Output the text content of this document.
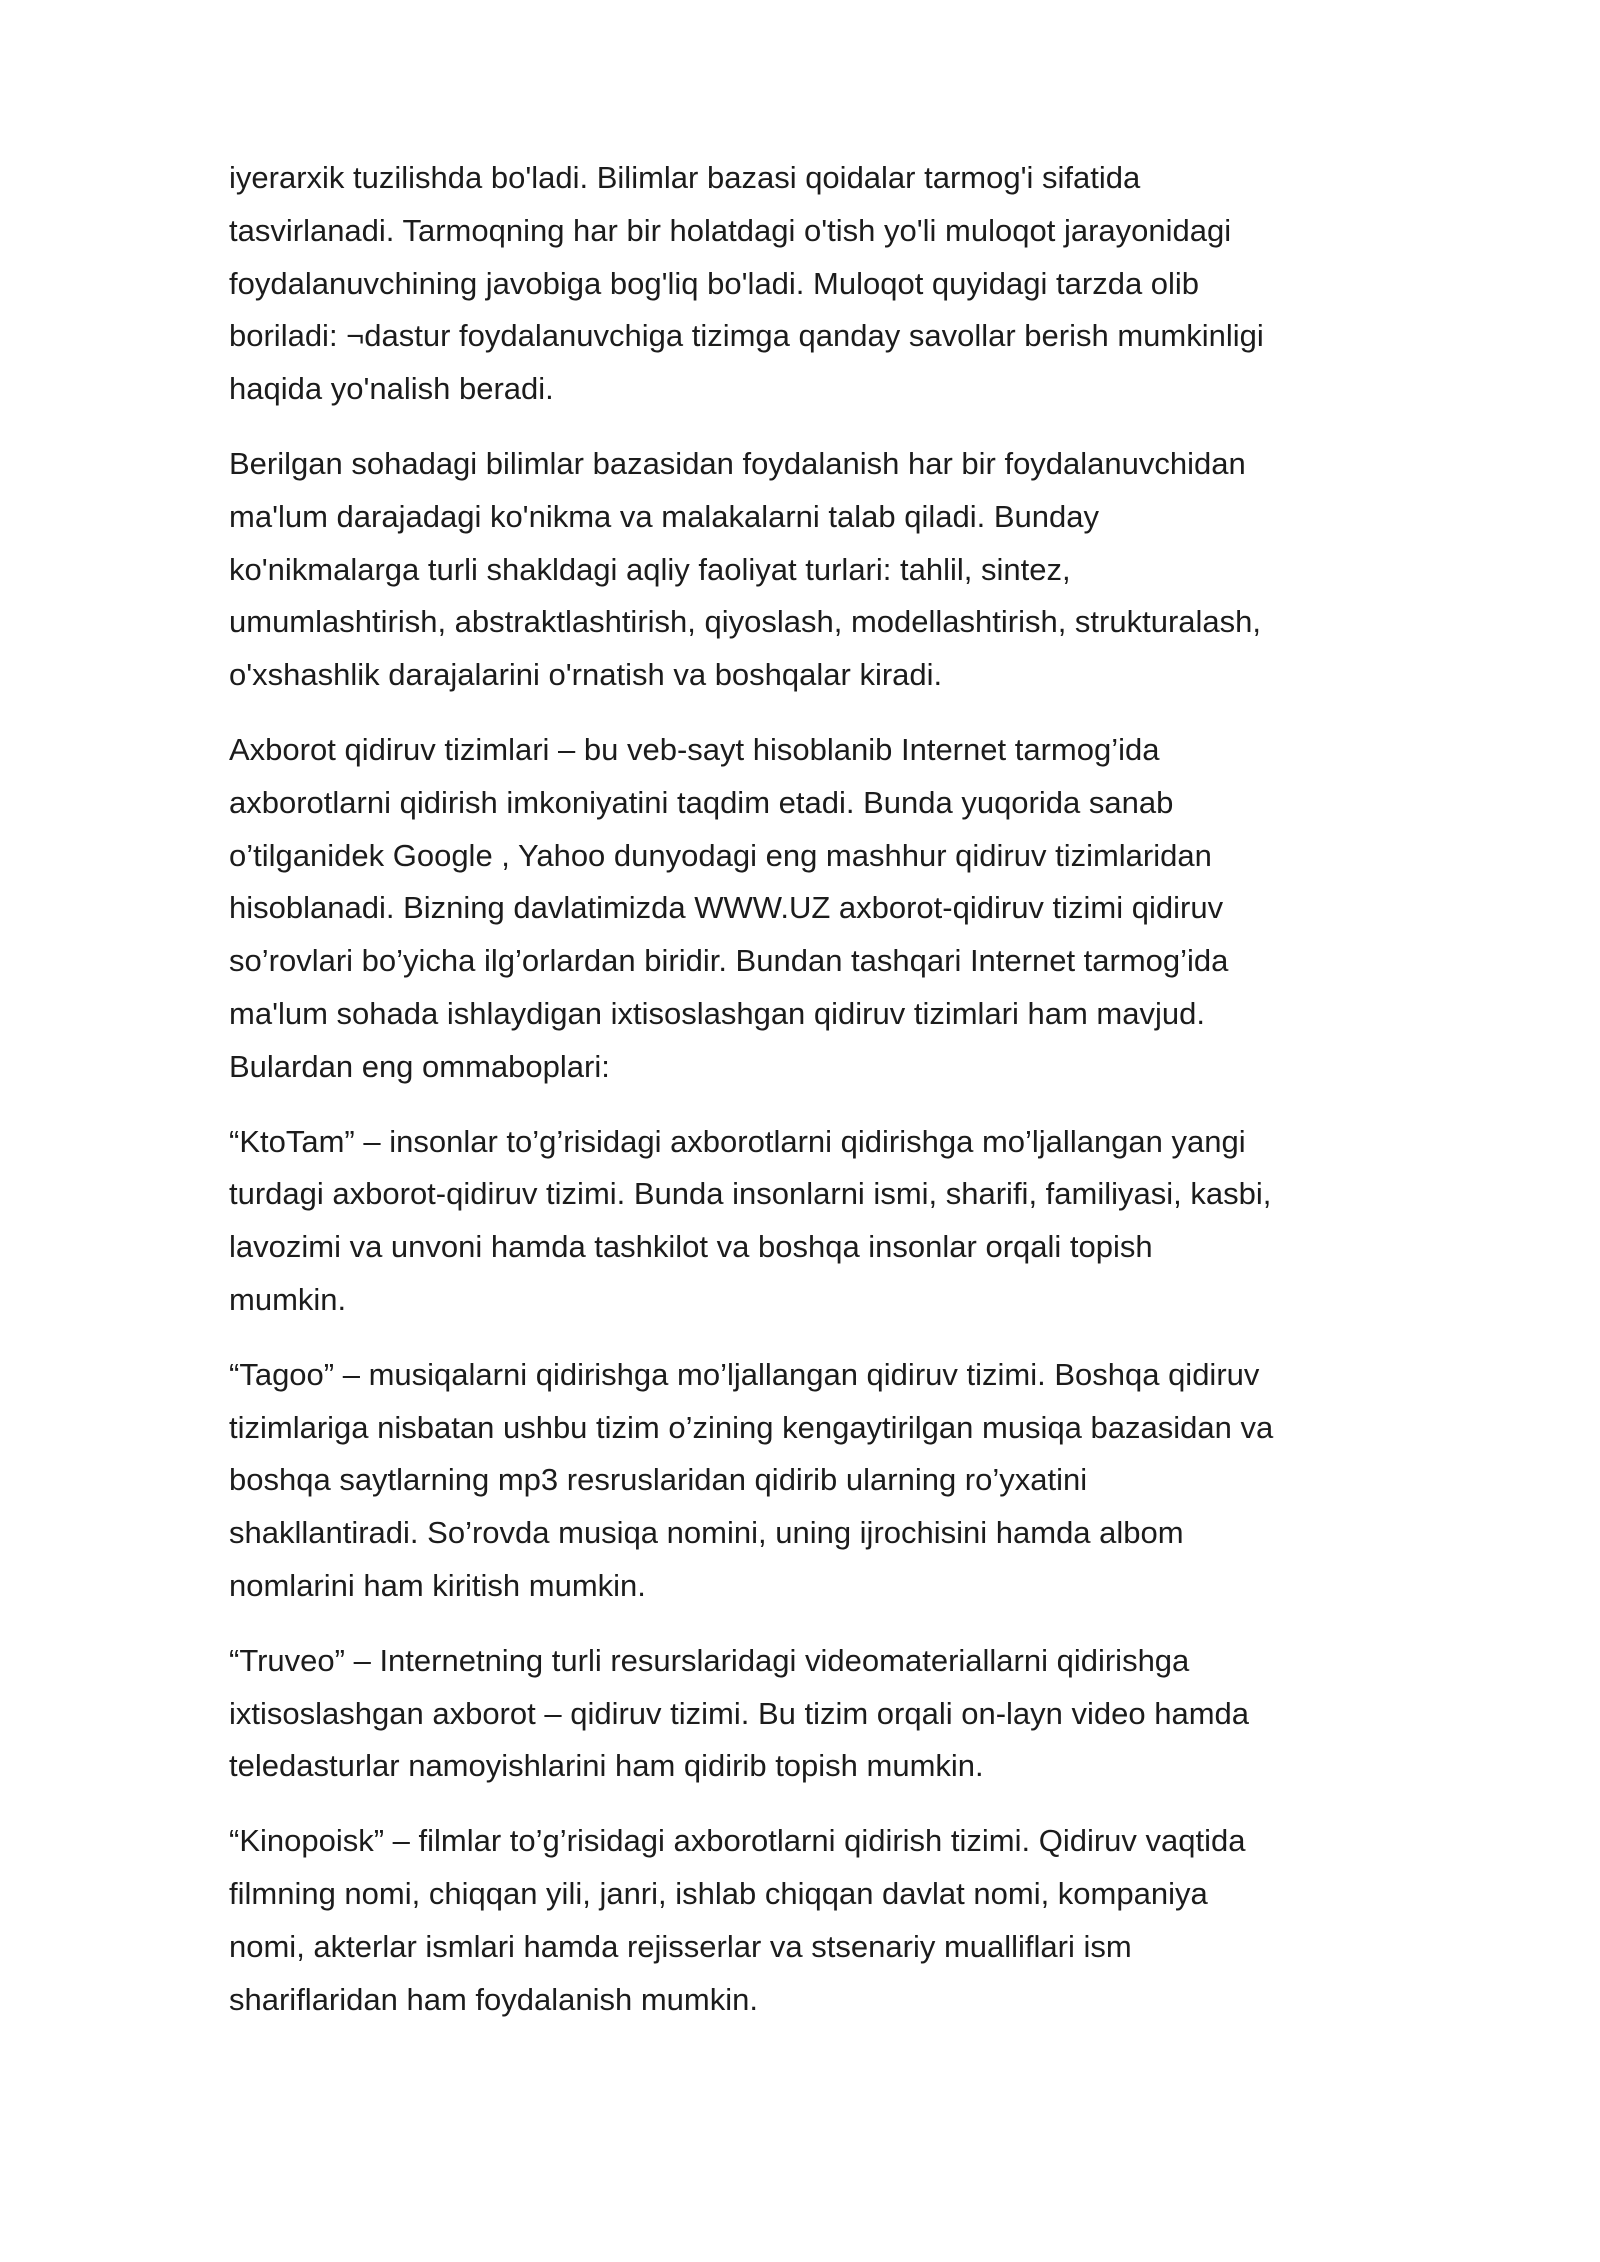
iyerarxik tuzilishda bo'ladi. Bilimlar bazasi qoidalar tarmog'i sifatida
tasvirlanadi. Tarmoqning har bir holatdagi o'tish yo'li muloqot jarayonidagi
foydalanuvchining javobiga bog'liq bo'ladi. Muloqot quyidagi tarzda olib
boriladi: ¬dastur foydalanuvchiga tizimga qanday savollar berish mumkinligi
haqida yo'nalish beradi.
Berilgan sohadagi bilimlar bazasidan foydalanish har bir foydalanuvchidan
ma'lum darajadagi ko'nikma va malakalarni talab qiladi. Bunday
ko'nikmalarga turli shakldagi aqliy faoliyat turlari: tahlil, sintez,
umumlashtirish, abstraktlashtirish, qiyoslash, modellashtirish, strukturalash,
o'xshashlik darajalarini o'rnatish va boshqalar kiradi.
Axborot qidiruv tizimlari – bu veb-sayt hisoblanib Internet tarmog’ida
axborotlarni qidirish imkoniyatini taqdim etadi. Bunda yuqorida sanab
o’tilganidek Google , Yahoo dunyodagi eng mashhur qidiruv tizimlaridan
hisoblanadi. Bizning davlatimizda WWW.UZ axborot-qidiruv tizimi qidiruv
so’rovlari bo’yicha ilg’orlardan biridir. Bundan tashqari Internet tarmog’ida
ma'lum sohada ishlaydigan ixtisoslashgan qidiruv tizimlari ham mavjud.
Bulardan eng ommaboplari:
“KtoTam” – insonlar to’g’risidagi axborotlarni qidirishga mo’ljallangan yangi
turdagi axborot-qidiruv tizimi. Bunda insonlarni ismi, sharifi, familiyasi, kasbi,
lavozimi va unvoni hamda tashkilot va boshqa insonlar orqali topish
mumkin.
“Tagoo” – musiqalarni qidirishga mo’ljallangan qidiruv tizimi. Boshqa qidiruv
tizimlariga nisbatan ushbu tizim o’zining kengaytirilgan musiqa bazasidan va
boshqa saytlarning mp3 resruslaridan qidirib ularning ro’yxatini
shakllantiradi. So’rovda musiqa nomini, uning ijrochisini hamda albom
nomlarini ham kiritish mumkin.
“Truveo” – Internetning turli resurslaridagi videomateriallarni qidirishga
ixtisoslashgan axborot – qidiruv tizimi. Bu tizim orqali on-layn video hamda
teledasturlar namoyishlarini ham qidirib topish mumkin.
“Kinopoisk” – filmlar to’g’risidagi axborotlarni qidirish tizimi. Qidiruv vaqtida
filmning nomi, chiqqan yili, janri, ishlab chiqqan davlat nomi, kompaniya
nomi, akterlar ismlari hamda rejisserlar va stsenariy mualliflari ism
shariflaridan ham foydalanish mumkin.
